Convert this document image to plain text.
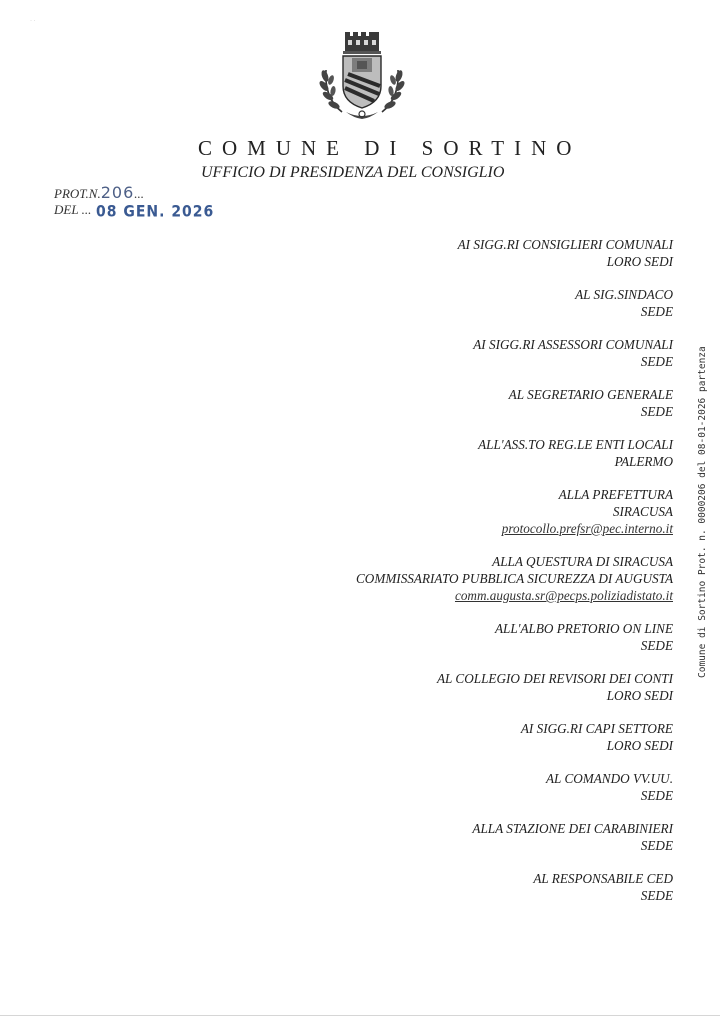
˙ ˙
COMUNE DI SORTINO
UFFICIO DI PRESIDENZA DEL CONSIGLIO
PROT.N.206...
DEL ... 08 GEN. 2026
AI SIGG.RI CONSIGLIERI COMUNALI
LORO SEDI
AL SIG.SINDACO
SEDE
AI SIGG.RI ASSESSORI COMUNALI
SEDE
AL SEGRETARIO GENERALE
SEDE
ALL'ASS.TO REG.LE ENTI LOCALI
PALERMO
ALLA PREFETTURA
SIRACUSA
protocollo.prefsr@pec.interno.it
ALLA QUESTURA DI SIRACUSA
COMMISSARIATO PUBBLICA SICUREZZA DI AUGUSTA
comm.augusta.sr@pecps.poliziadistato.it
ALL'ALBO PRETORIO ON LINE
SEDE
AL COLLEGIO DEI REVISORI DEI CONTI
LORO SEDI
AI SIGG.RI CAPI SETTORE
LORO SEDI
AL COMANDO VV.UU.
SEDE
ALLA STAZIONE DEI CARABINIERI
SEDE
AL RESPONSABILE CED
SEDE
Comune di Sortino Prot. n. 0000206 del 08-01-2026 partenza
